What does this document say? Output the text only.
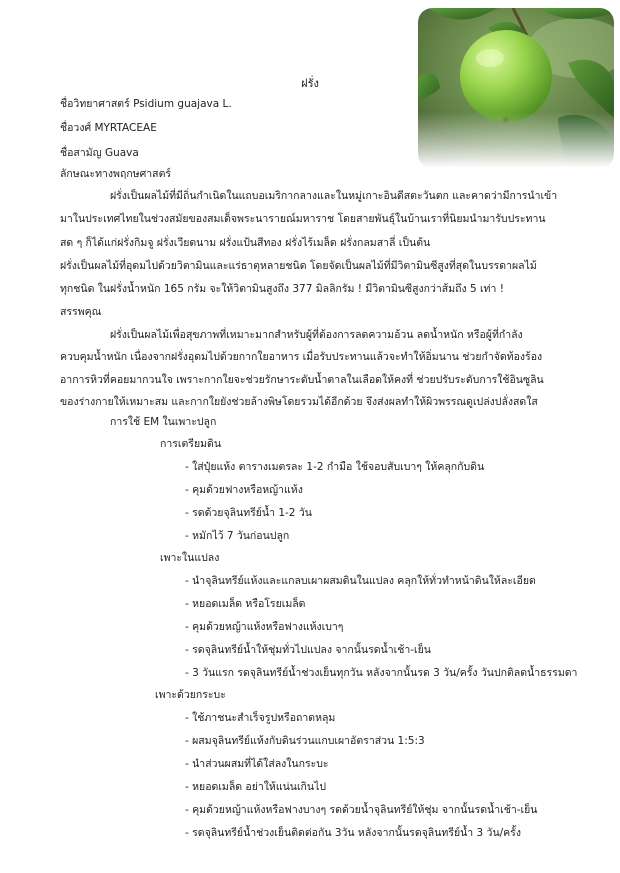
ฝรั่ง
ชื่อวิทยาศาสตร์ Psidium guajava L.
ชื่อวงศ์ MYRTACEAE
ชื่อสามัญ Guava
ลักษณะทางพฤกษศาสตร์
ฝรั่งเป็นผลไม้ที่มีถิ่นกำเนิดในแถบอเมริกากลางและในหมู่เกาะอินดีสตะวันตก และคาดว่ามีการนำเข้า
มาในประเทศไทยในช่วงสมัยของสมเด็จพระนารายณ์มหาราช โดยสายพันธุ์ในบ้านเราที่นิยมนำมารับประทาน
สด ๆ ก็ได้แก่ฝรั่งกิมจู ฝรั่งเวียดนาม ฝรั่งแป้นสีทอง ฝรั่งไร้เมล็ด ฝรั่งกลมสาลี่ เป็นต้น
ฝรั่งเป็นผลไม้ที่อุดมไปด้วยวิตามินและแร่ธาตุหลายชนิด โดยจัดเป็นผลไม้ที่มีวิตามินซีสูงที่สุดในบรรดาผลไม้
ทุกชนิด ในฝรั่งน้ำหนัก 165 กรัม จะให้วิตามินสูงถึง 377 มิลลิกรัม ! มีวิตามินซีสูงกว่าส้มถึง 5 เท่า !
สรรพคุณ
ฝรั่งเป็นผลไม้เพื่อสุขภาพที่เหมาะมากสำหรับผู้ที่ต้องการลดความอ้วน ลดน้ำหนัก หรือผู้ที่กำลัง
ควบคุมน้ำหนัก เนื่องจากฝรั่งอุดมไปด้วยกากใยอาหาร เมื่อรับประทานแล้วจะทำให้อิ่มนาน ช่วยกำจัดท้องร้อง
อาการหิวที่คอยมากวนใจ เพราะกากใยจะช่วยรักษาระดับน้ำตาลในเลือดให้คงที่ ช่วยปรับระดับการใช้อินซูลิน
ของร่างกายให้เหมาะสม และกากใยยังช่วยล้างพิษโดยรวมได้อีกด้วย จึงส่งผลทำให้ผิวพรรณดูเปล่งปลั่งสดใส
การใช้ EM ในเพาะปลูก
การเตรียมดิน
- ใส่ปุ๋ยแห้ง ตารางเมตรละ 1-2 กำมือ ใช้จอบสับเบาๆ ให้คลุกกับดิน
- คุมด้วยฟางหรือหญ้าแห้ง
- รดด้วยจุลินทรีย์น้ำ 1-2 วัน
- หมักไว้ 7 วันก่อนปลูก
เพาะในแปลง
- นำจุลินทรีย์แห้งและแกลบเผาผสมดินในแปลง คลุกให้ทั่วทำหน้าดินให้ละเอียด
- หยอดเมล็ด หรือโรยเมล็ด
- คุมด้วยหญ้าแห้งหรือฟางแห้งเบาๆ
- รดจุลินทรีย์น้ำให้ชุ่มทั่วไปแปลง จากนั้นรดน้ำเช้า-เย็น
- 3 วันแรก รดจุลินทรีย์น้ำช่วงเย็นทุกวัน หลังจากนั้นรด 3 วัน/ครั้ง วันปกติลดน้ำธรรมดา
เพาะด้วยกระบะ
- ใช้ภาชนะสำเร็จรูปหรือถาดหลุม
- ผสมจุลินทรีย์แห้งกับดินร่วนแกบเผาอัตราส่วน 1:5:3
- นำส่วนผสมที่ได้ใส่ลงในกระบะ
- หยอดเมล็ด อย่าให้แน่นเกินไป
- คุมด้วยหญ้าแห้งหรือฟางบางๆ รดด้วยน้ำจุลินทรีย์ให้ชุ่ม จากนั้นรดน้ำเช้า-เย็น
- รดจุลินทรีย์น้ำช่วงเย็นติดต่อกัน 3วัน หลังจากนั้นรดจุลินทรีย์น้ำ 3 วัน/ครั้ง
